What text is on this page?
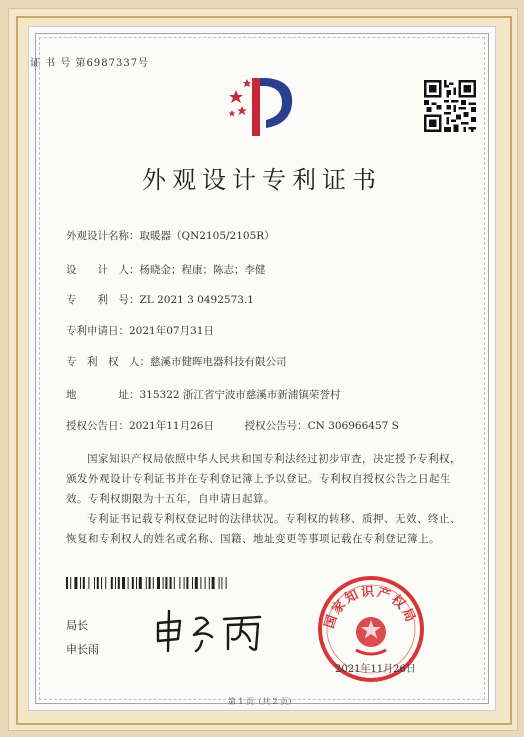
证 书 号 第6987337号
外观设计专利证书
外观设计名称：取暖器（QN2105/2105R）
设　　计　人：杨晓金；程康；陈志；李健
专　　利　号：ZL 2021 3 0492573.1
专利申请日：2021年07月31日
专　利　权　人：慈溪市健晖电器科技有限公司
地　　　　址：315322 浙江省宁波市慈溪市新浦镇荣誉村
授权公告日：2021年11月26日	授权公告号：CN 306966457 S
国家知识产权局依照中华人民共和国专利法经过初步审查，决定授予专利权，颁发外观设计专利证书并在专利登记簿上予以登记。专利权自授权公告之日起生效。专利权期限为十五年，自申请日起算。
专利证书记载专利权登记时的法律状况。专利权的转移、质押、无效、终止、恢复和专利权人的姓名或名称、国籍、地址变更等事项记载在专利登记簿上。
局长
申长雨
国家知识产权局
2021年11月26日
第 1 页（共 2 页）
